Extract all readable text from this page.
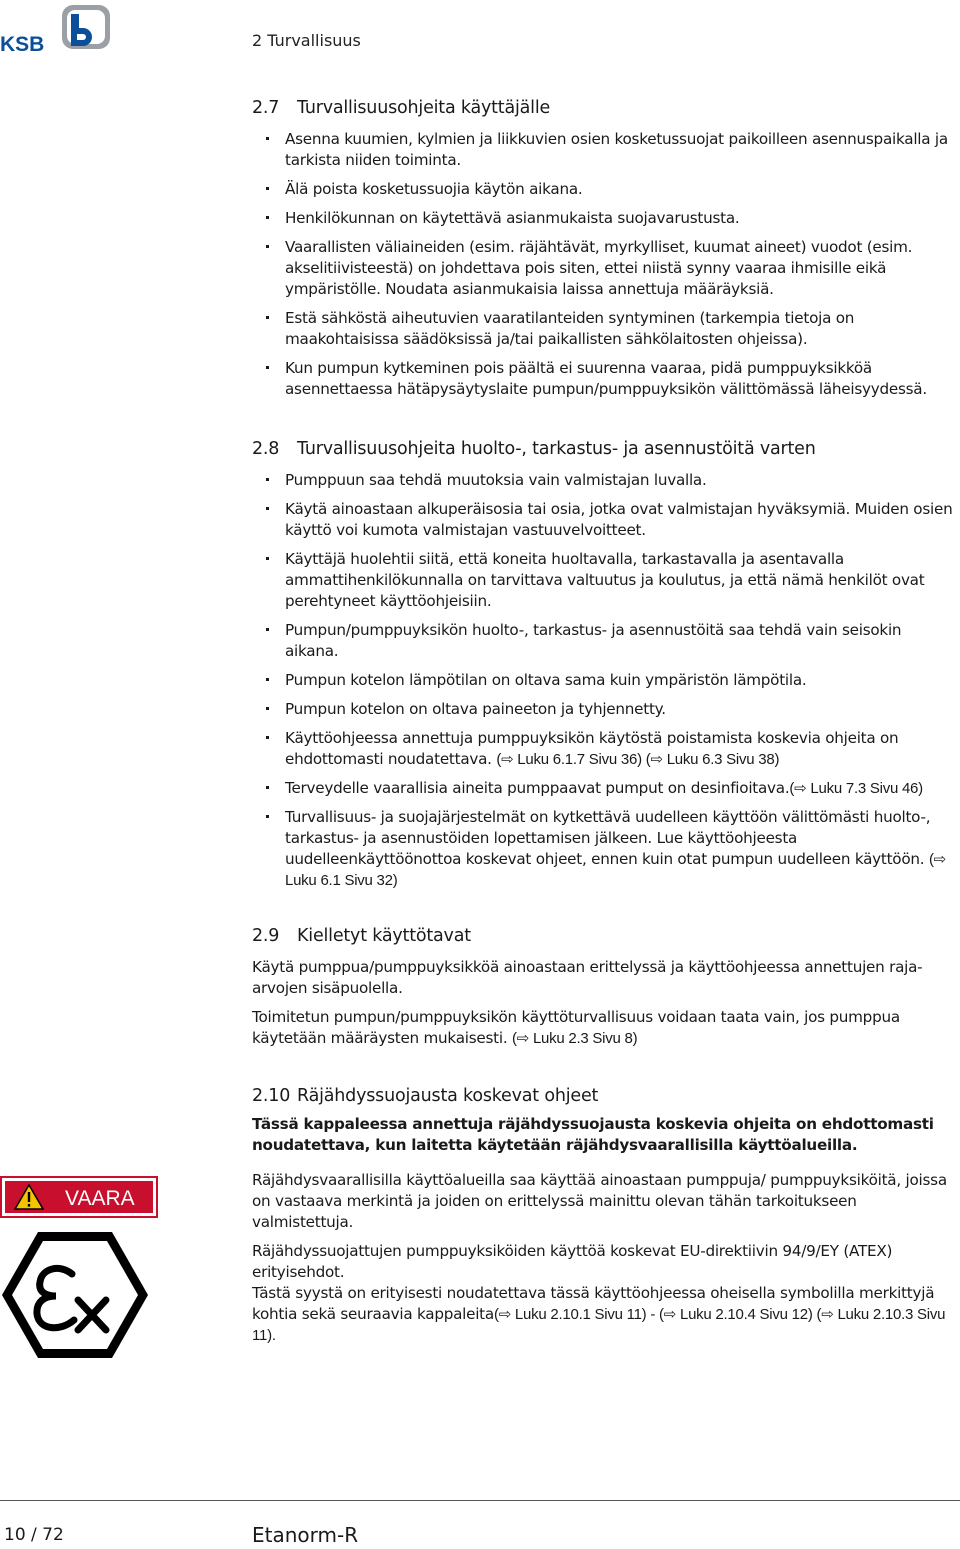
KSB	2 Turvallisuus
2.7 Turvallisuusohjeita käyttäjälle
Asenna kuumien, kylmien ja liikkuvien osien kosketussuojat paikoilleen asennuspaikalla ja tarkista niiden toiminta.
Älä poista kosketussuojia käytön aikana.
Henkilökunnan on käytettävä asianmukaista suojavarustusta.
Vaarallisten väliaineiden (esim. räjähtävät, myrkylliset, kuumat aineet) vuodot (esim. akselitiivisteestä) on johdettava pois siten, ettei niistä synny vaaraa ihmisille eikä ympäristölle. Noudata asianmukaisia laissa annettuja määräyksiä.
Estä sähköstä aiheutuvien vaaratilanteiden syntyminen (tarkempia tietoja on maakohtaisissa säädöksissä ja/tai paikallisten sähkölaitosten ohjeissa).
Kun pumpun kytkeminen pois päältä ei suurenna vaaraa, pidä pumppuyksikköä asennettaessa hätäpysäytyslaite pumpun/pumppuyksikön välittömässä läheisyydessä.
2.8 Turvallisuusohjeita huolto-, tarkastus- ja asennustöitä varten
Pumppuun saa tehdä muutoksia vain valmistajan luvalla.
Käytä ainoastaan alkuperäisosia tai osia, jotka ovat valmistajan hyväksymiä. Muiden osien käyttö voi kumota valmistajan vastuuvelvoitteet.
Käyttäjä huolehtii siitä, että koneita huoltavalla, tarkastavalla ja asentavalla ammattihenkilökunnalla on tarvittava valtuutus ja koulutus, ja että nämä henkilöt ovat perehtyneet käyttöohjeisiin.
Pumpun/pumppuyksikön huolto-, tarkastus- ja asennustöitä saa tehdä vain seisokin aikana.
Pumpun kotelon lämpötilan on oltava sama kuin ympäristön lämpötila.
Pumpun kotelon on oltava paineeton ja tyhjennetty.
Käyttöohjeessa annettuja pumppuyksikön käytöstä poistamista koskevia ohjeita on ehdottomasti noudatettava. (⇨ Luku 6.1.7 Sivu 36) (⇨ Luku 6.3 Sivu 38)
Terveydelle vaarallisia aineita pumppaavat pumput on desinfioitava.(⇨ Luku 7.3 Sivu 46)
Turvallisuus- ja suojajärjestelmät on kytkettävä uudelleen käyttöön välittömästi huolto-, tarkastus- ja asennustöiden lopettamisen jälkeen. Lue käyttöohjeesta uudelleenkäyttöönottoa koskevat ohjeet, ennen kuin otat pumpun uudelleen käyttöön. (⇨ Luku 6.1 Sivu 32)
2.9 Kielletyt käyttötavat

Käytä pumppua/pumppuyksikköä ainoastaan erittelyssä ja käyttöohjeessa annettujen raja-arvojen sisäpuolella.

Toimitetun pumpun/pumppuyksikön käyttöturvallisuus voidaan taata vain, jos pumppua käytetään määräysten mukaisesti. (⇨ Luku 2.3 Sivu 8)

2.10 Räjähdyssuojausta koskevat ohjeet

Tässä kappaleessa annettuja räjähdyssuojausta koskevia ohjeita on ehdottomasti noudatettava, kun laitetta käytetään räjähdysvaarallisilla käyttöalueilla.

Räjähdysvaarallisilla käyttöalueilla saa käyttää ainoastaan pumppuja/ pumppuyksiköitä, joissa on vastaava merkintä ja joiden on erittelyssä mainittu olevan tähän tarkoitukseen valmistettuja.

Räjähdyssuojattujen pumppuyksiköiden käyttöä koskevat EU-direktiivin 94/9/EY (ATEX) erityisehdot.

Tästä syystä on erityisesti noudatettava tässä käyttöohjeessa oheisella symbolilla merkittyjä kohtia sekä seuraavia kappaleita(⇨ Luku 2.10.1 Sivu 11) - (⇨ Luku 2.10.4 Sivu 12) (⇨ Luku 2.10.3 Sivu 11).

VAARA
10 / 72	Etanorm-R
